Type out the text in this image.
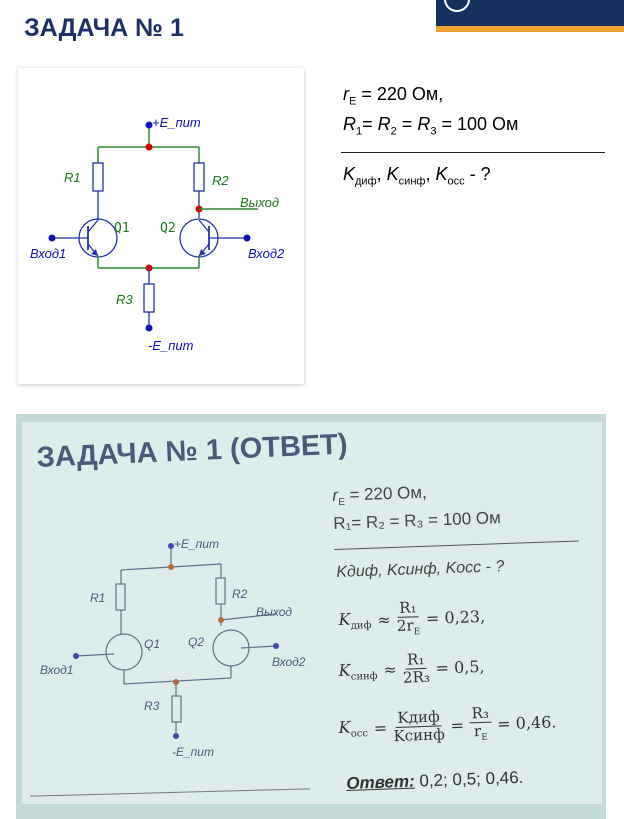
ЗАДАЧА № 1
+E_пит
R1	R2
Выход
Q1
Вход1
Q2
Вход2
R3
-E_пит
$r_E = 220$ Ом,
$R_1= R_2 = R_3 = 100$ Ом
$K_{диф}$, $K_{синф}$, $K_{осс}$ - ?
ЗАДАЧА № 1 (ОТВЕТ)
$r_E = 220$ Ом,
R₁= R₂ = R₃ = 100 Ом
Kдиф, Kсинф, Kосс - ?
+E_пит
R1	R2
Выход
Q1 Q2
Вход1
Вход2
R3
-E_пит
$K_{диф} \approx \frac{\text{R₁}}{2r_E} = 0,23$,
$K_{синф} \approx \frac{\text{R₁}}{\text{2R₃}} = 0,5$,
$K_{осс} = \frac{\text{Kдиф}}{\text{Kсинф}} = \frac{\text{R₃}}{r_E} = 0,46$.
Ответ: 0,2; 0,5; 0,46.
